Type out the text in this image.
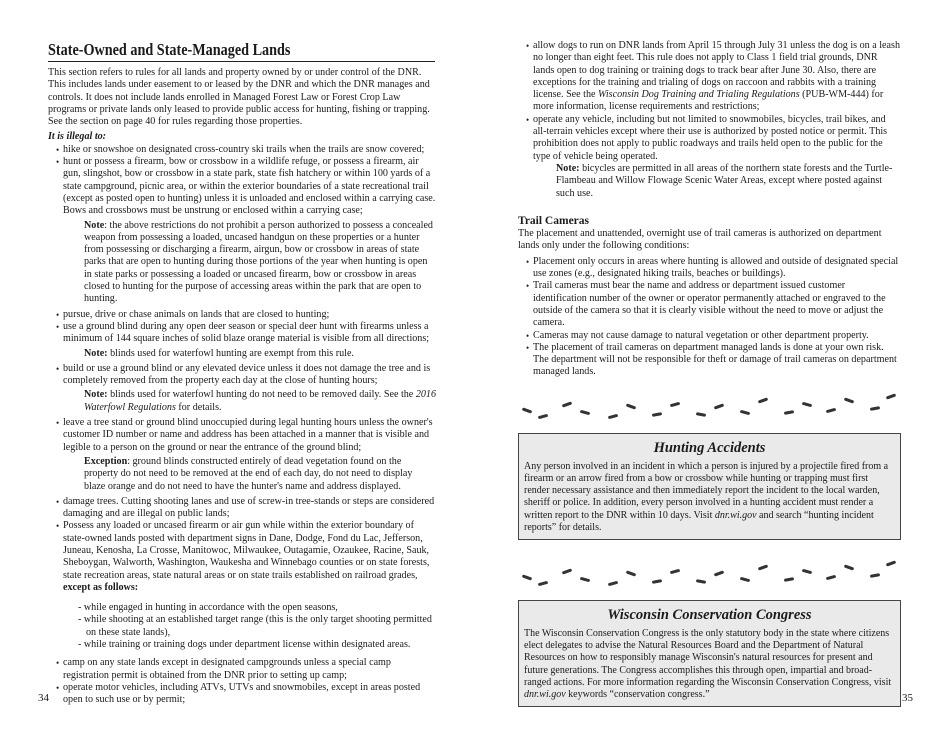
State-Owned and State-Managed Lands

This section refers to rules for all lands and property owned by or under control of the DNR. This includes lands under easement to or leased by the DNR and which the DNR manages and controls. It does not include lands enrolled in Managed Forest Law or Forest Crop Law programs or private lands only leased to provide public access for hunting, fishing or trapping. See the section on page 40 for rules regarding those properties.

It is illegal to:

• hike or snowshoe on designated cross-country ski trails when the trails are snow covered;
• hunt or possess a firearm, bow or crossbow in a wildlife refuge, or possess a firearm, air gun, slingshot, bow or crossbow in a state park, state fish hatchery or within 100 yards of a state campground, picnic area, or within the exterior boundaries of a state recreational trail (except as posted open to hunting) unless it is unloaded and enclosed within a carrying case. Bows and crossbows must be unstrung or enclosed within a carrying case;

Note: the above restrictions do not prohibit a person authorized to possess a concealed weapon from possessing a loaded, uncased handgun on these properties or a hunter from possessing or discharging a firearm, airgun, bow or crossbow in areas of state parks that are open to hunting during those portions of the year when hunting is open in state parks or possessing a loaded or uncased firearm, bow or crossbow in areas closed to hunting for the purpose of accessing areas within the park that are open to hunting.

• pursue, drive or chase animals on lands that are closed to hunting;
• use a ground blind during any open deer season or special deer hunt with firearms unless a minimum of 144 square inches of solid blaze orange material is visible from all directions;

Note: blinds used for waterfowl hunting are exempt from this rule.

• build or use a ground blind or any elevated device unless it does not damage the tree and is completely removed from the property each day at the close of hunting hours;

Note: blinds used for waterfowl hunting do not need to be removed daily. See the 2016 Waterfowl Regulations for details.

• leave a tree stand or ground blind unoccupied during legal hunting hours unless the owner's customer ID number or name and address has been attached in a manner that is visible and legible to a person on the ground or near the entrance of the ground blind;

Exception: ground blinds constructed entirely of dead vegetation found on the property do not need to be removed at the end of each day, do not need to display blaze orange and do not need to have the hunter's name and address displayed.

• damage trees. Cutting shooting lanes and use of screw-in tree-stands or steps are considered damaging and are illegal on public lands;
• Possess any loaded or uncased firearm or air gun while within the exterior boundary of state-owned lands posted with department signs in Dane, Dodge, Fond du Lac, Jefferson, Juneau, Kenosha, La Crosse, Manitowoc, Milwaukee, Outagamie, Ozaukee, Racine, Sauk, Sheboygan, Walworth, Washington, Waukesha and Winnebago counties or on state forests, state recreation areas, state natural areas or on state trails established on railroad grades, except as follows:
- while engaged in hunting in accordance with the open seasons,
- while shooting at an established target range (this is the only target shooting permitted on these state lands),
- while training or training dogs under department license within designated areas.
• camp on any state lands except in designated campgrounds unless a special camp registration permit is obtained from the DNR prior to setting up camp;
• operate motor vehicles, including ATVs, UTVs and snowmobiles, except in areas posted open to such use or by permit;
• allow dogs to run on DNR lands from April 15 through July 31 unless the dog is on a leash no longer than eight feet. This rule does not apply to Class 1 field trial grounds, DNR lands open to dog training or training dogs to track bear after June 30. Also, there are exceptions for the training and trialing of dogs on raccoon and rabbits with a training license. See the Wisconsin Dog Training and Trialing Regulations (PUB-WM-444) for more information, license requirements and restrictions;
• operate any vehicle, including but not limited to snowmobiles, bicycles, trail bikes, and all-terrain vehicles except where their use is authorized by posted notice or permit. This prohibition does not apply to public roadways and trails held open to the public for the type of vehicle being operated.

Note: bicycles are permitted in all areas of the northern state forests and the Turtle-Flambeau and Willow Flowage Scenic Water Areas, except where posted against such use.

Trail Cameras

The placement and unattended, overnight use of trail cameras is authorized on department lands only under the following conditions:

• Placement only occurs in areas where hunting is allowed and outside of designated special use zones (e.g., designated hiking trails, beaches or buildings).
• Trail cameras must bear the name and address or department issued customer identification number of the owner or operator permanently attached or engraved to the outside of the camera so that it is clearly visible without the need to move or adjust the camera.
• Cameras may not cause damage to natural vegetation or other department property.
• The placement of trail cameras on department managed lands is done at your own risk. The department will not be responsible for theft or damage of trail cameras on department managed lands.
Hunting Accidents

Any person involved in an incident in which a person is injured by a projectile fired from a firearm or an arrow fired from a bow or crossbow while hunting or trapping must first render necessary assistance and then immediately report the incident to the local warden, sheriff or police. In addition, every person involved in a hunting accident must render a written report to the DNR within 10 days. Visit dnr.wi.gov and search “hunting incident reports” for details.

Wisconsin Conservation Congress

The Wisconsin Conservation Congress is the only statutory body in the state where citizens elect delegates to advise the Natural Resources Board and the Department of Natural Resources on how to responsibly manage Wisconsin's natural resources for present and future generations. The Congress accomplishes this through open, impartial and broad-ranged actions. For more information regarding the Wisconsin Conservation Congress, visit dnr.wi.gov keywords “conservation congress.”

34	35
